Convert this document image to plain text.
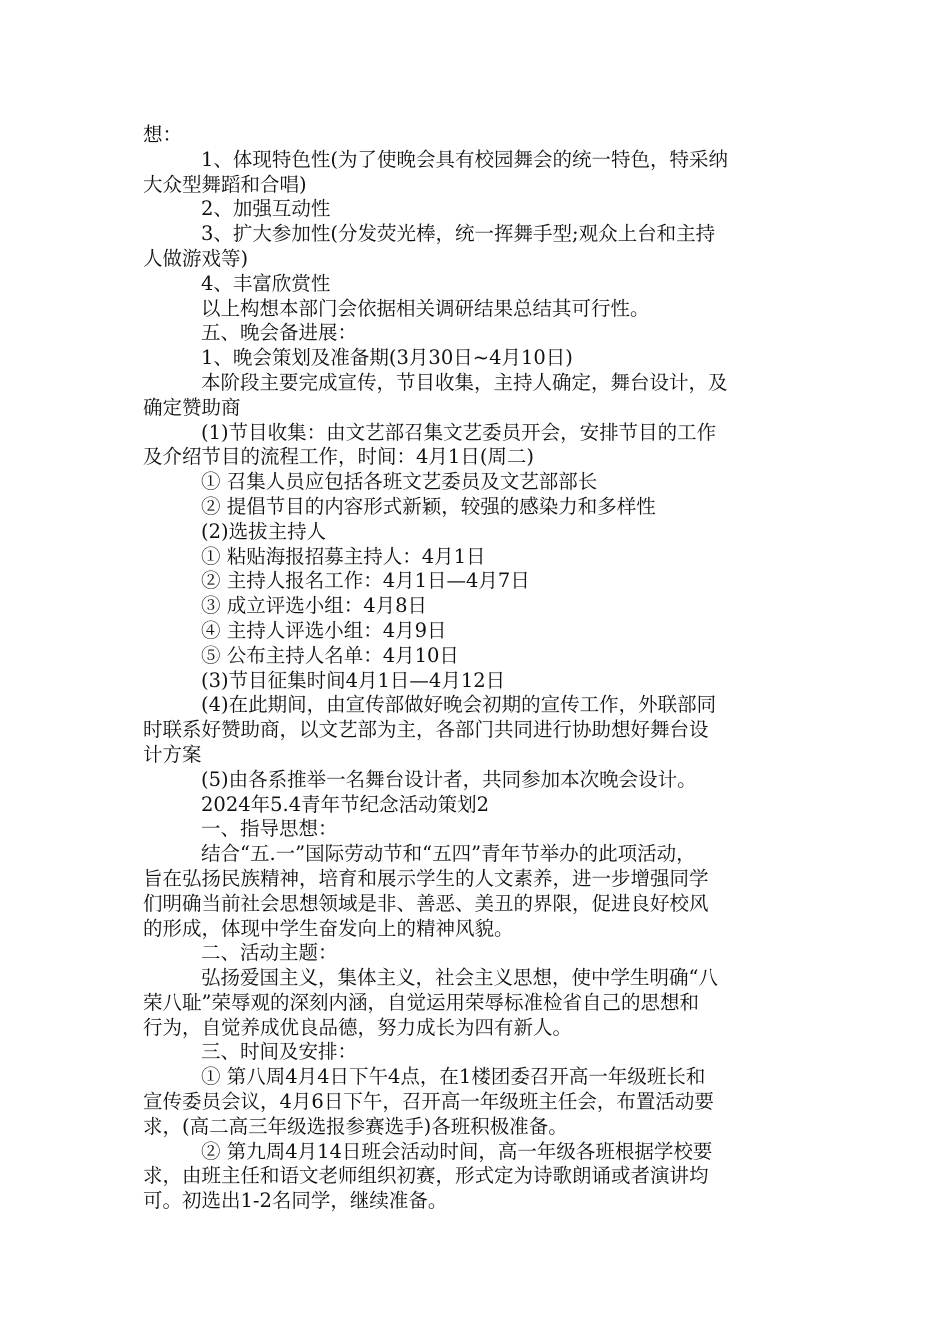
想：
1、体现特色性(为了使晚会具有校园舞会的统一特色，特采纳
大众型舞蹈和合唱)
2、加强互动性
3、扩大参加性(分发荧光棒，统一挥舞手型;观众上台和主持
人做游戏等)
4、丰富欣赏性
以上构想本部门会依据相关调研结果总结其可行性。
五、晚会备进展：
1、晚会策划及准备期(3月30日~4月10日)
本阶段主要完成宣传，节目收集，主持人确定，舞台设计，及
确定赞助商
(1)节目收集：由文艺部召集文艺委员开会，安排节目的工作
及介绍节目的流程工作，时间：4月1日(周二)
① 召集人员应包括各班文艺委员及文艺部部长
② 提倡节目的内容形式新颖，较强的感染力和多样性
(2)选拔主持人
① 粘贴海报招募主持人：4月1日
② 主持人报名工作：4月1日—4月7日
③ 成立评选小组：4月8日
④ 主持人评选小组：4月9日
⑤ 公布主持人名单：4月10日
(3)节目征集时间4月1日—4月12日
(4)在此期间，由宣传部做好晚会初期的宣传工作，外联部同
时联系好赞助商，以文艺部为主，各部门共同进行协助想好舞台设
计方案
(5)由各系推举一名舞台设计者，共同参加本次晚会设计。
2024年5.4青年节纪念活动策划2
一、指导思想：
结合“五.一”国际劳动节和“五四”青年节举办的此项活动，
旨在弘扬民族精神，培育和展示学生的人文素养，进一步增强同学
们明确当前社会思想领域是非、善恶、美丑的界限，促进良好校风
的形成，体现中学生奋发向上的精神风貌。
二、活动主题：
弘扬爱国主义，集体主义，社会主义思想，使中学生明确“八
荣八耻”荣辱观的深刻内涵，自觉运用荣辱标准检省自己的思想和
行为，自觉养成优良品德，努力成长为四有新人。
三、时间及安排：
① 第八周4月4日下午4点，在1楼团委召开高一年级班长和
宣传委员会议，4月6日下午，召开高一年级班主任会，布置活动要
求，(高二高三年级选报参赛选手)各班积极准备。
② 第九周4月14日班会活动时间，高一年级各班根据学校要
求，由班主任和语文老师组织初赛，形式定为诗歌朗诵或者演讲均
可。初选出1-2名同学，继续准备。
